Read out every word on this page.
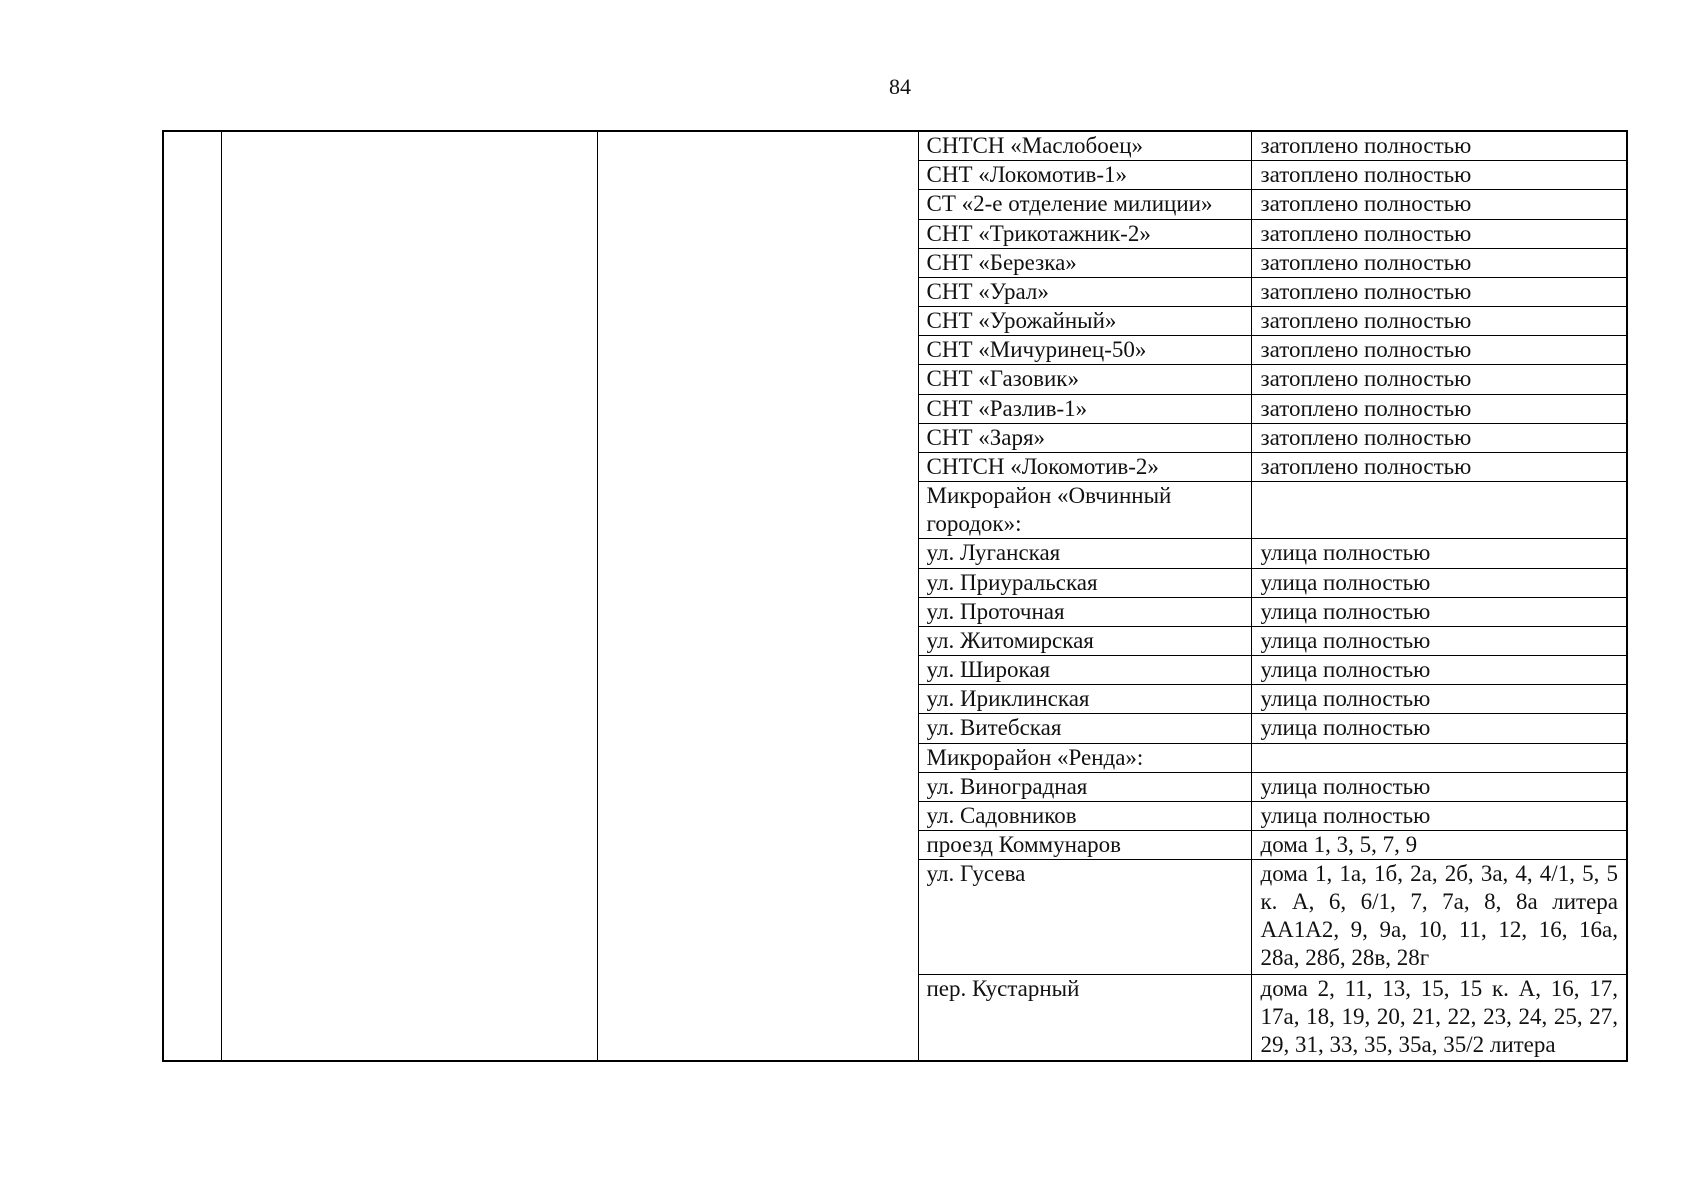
84
			СНТСН «Маслобоец»	затоплено полностью
			СНТ «Локомотив-1»	затоплено полностью
			СТ «2-е отделение милиции»	затоплено полностью
			СНТ «Трикотажник-2»	затоплено полностью
			СНТ «Березка»	затоплено полностью
			СНТ «Урал»	затоплено полностью
			СНТ «Урожайный»	затоплено полностью
			СНТ «Мичуринец-50»	затоплено полностью
			СНТ «Газовик»	затоплено полностью
			СНТ «Разлив-1»	затоплено полностью
			СНТ «Заря»	затоплено полностью
			СНТСН «Локомотив-2»	затоплено полностью
			Микрорайон «Овчинный городок»:	
			ул. Луганская	улица полностью
			ул. Приуральская	улица полностью
			ул. Проточная	улица полностью
			ул. Житомирская	улица полностью
			ул. Широкая	улица полностью
			ул. Ириклинская	улица полностью
			ул. Витебская	улица полностью
			Микрорайон «Ренда»:	
			ул. Виноградная	улица полностью
			ул. Садовников	улица полностью
			проезд Коммунаров	дома 1, 3, 5, 7, 9
			ул. Гусева	дома 1, 1а, 1б, 2а, 2б, 3а, 4, 4/1, 5, 5 к. А, 6, 6/1, 7, 7а, 8, 8а литера АА1А2, 9, 9а, 10, 11, 12, 16, 16а, 28а, 28б, 28в, 28г
			пер. Кустарный	дома 2, 11, 13, 15, 15 к. А, 16, 17, 17а, 18, 19, 20, 21, 22, 23, 24, 25, 27, 29, 31, 33, 35, 35а, 35/2 литера
